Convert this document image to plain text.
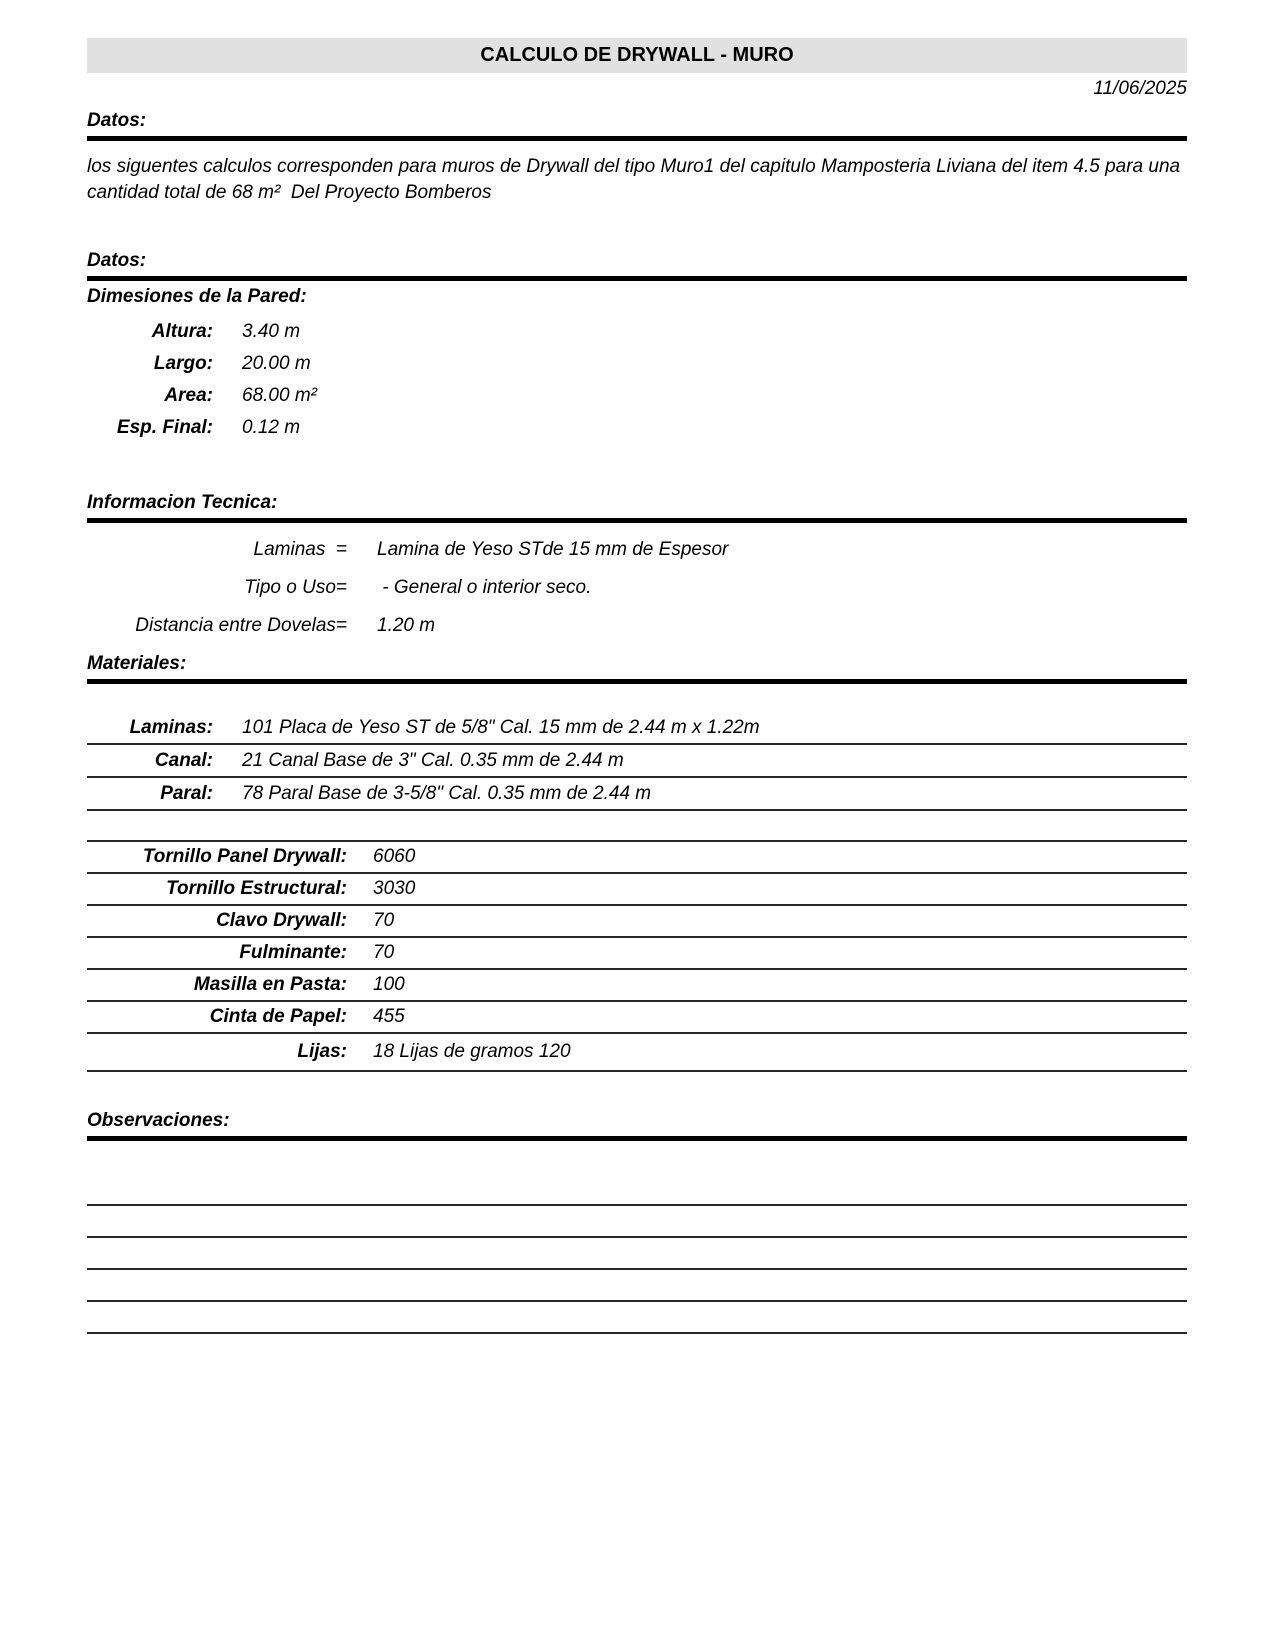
CALCULO DE DRYWALL - MURO
11/06/2025
Datos:

los siguentes calculos corresponden para muros de Drywall del tipo Muro1 del capitulo Mamposteria Liviana del item 4.5 para una cantidad total de 68 m²  Del Proyecto Bomberos

Datos:
Dimesiones de la Pared:
Altura:	3.40 m
Largo:	20.00 m
Area:	68.00 m²
Esp. Final:	0.12 m
Informacion Tecnica:
Laminas  =	Lamina de Yeso STde 15 mm de Espesor
Tipo o Uso=	- General o interior seco.
Distancia entre Dovelas=	1.20 m
Materiales:
Laminas:	101 Placa de Yeso ST de 5/8" Cal. 15 mm de 2.44 m x 1.22m
Canal:	21 Canal Base de 3" Cal. 0.35 mm de 2.44 m
Paral:	78 Paral Base de 3-5/8" Cal. 0.35 mm de 2.44 m
Tornillo Panel Drywall:	6060
Tornillo Estructural:	3030
Clavo Drywall:	70
Fulminante:	70
Masilla en Pasta:	100
Cinta de Papel:	455
Lijas:	18 Lijas de gramos 120
Observaciones:
